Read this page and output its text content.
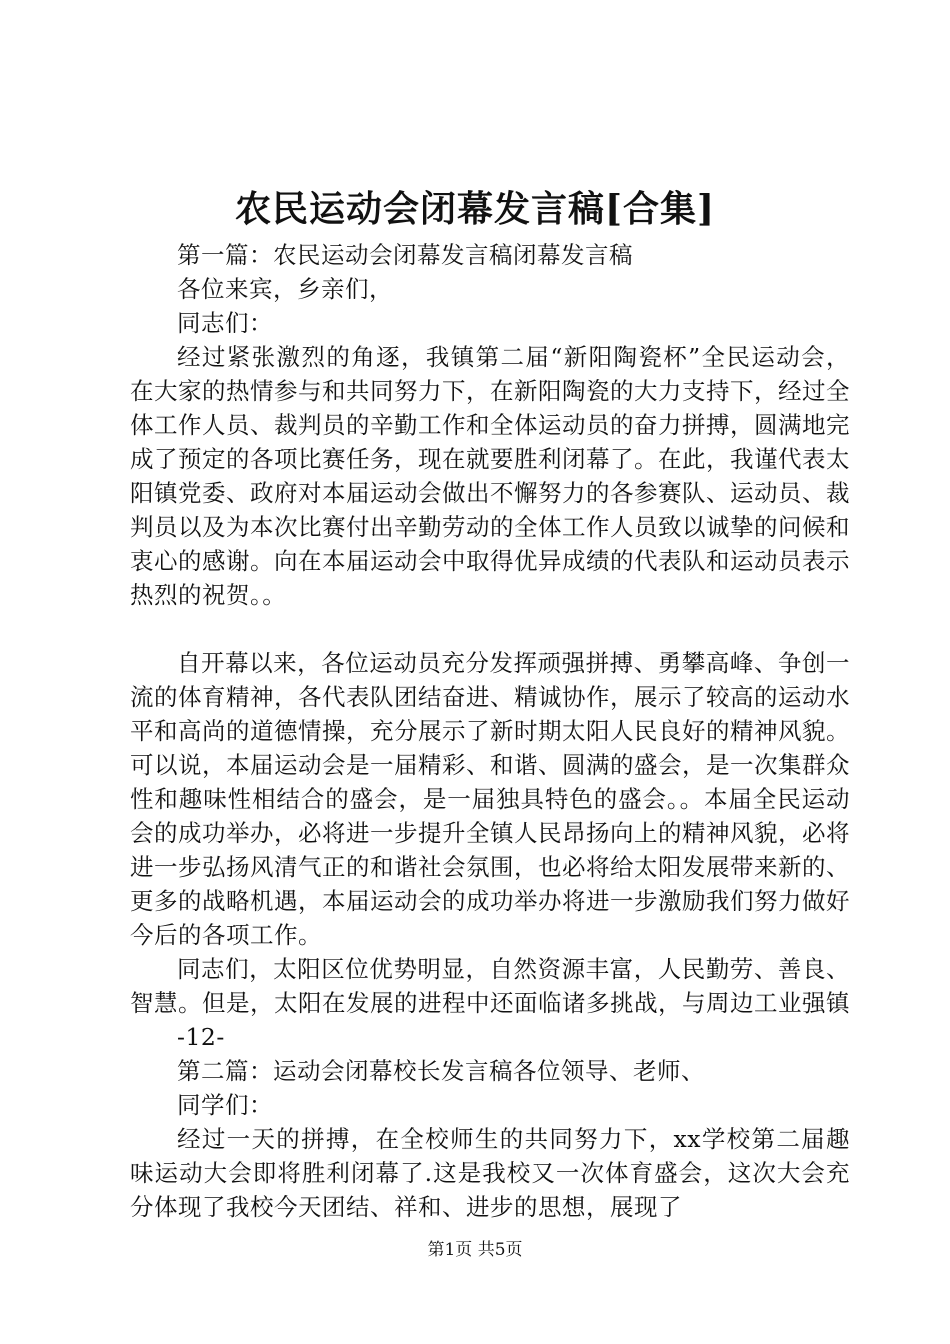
农民运动会闭幕发言稿[合集]

第一篇：农民运动会闭幕发言稿闭幕发言稿

各位来宾，乡亲们，

同志们：

经过紧张激烈的角逐，我镇第二届“新阳陶瓷杯”全民运动会，在大家的热情参与和共同努力下，在新阳陶瓷的大力支持下，经过全体工作人员、裁判员的辛勤工作和全体运动员的奋力拼搏，圆满地完成了预定的各项比赛任务，现在就要胜利闭幕了。在此，我谨代表太阳镇党委、政府对本届运动会做出不懈努力的各参赛队、运动员、裁判员以及为本次比赛付出辛勤劳动的全体工作人员致以诚挚的问候和衷心的感谢。向在本届运动会中取得优异成绩的代表队和运动员表示热烈的祝贺。。

自开幕以来，各位运动员充分发挥顽强拼搏、勇攀高峰、争创一流的体育精神，各代表队团结奋进、精诚协作，展示了较高的运动水平和高尚的道德情操，充分展示了新时期太阳人民良好的精神风貌。可以说，本届运动会是一届精彩、和谐、圆满的盛会，是一次集群众性和趣味性相结合的盛会，是一届独具特色的盛会。。本届全民运动会的成功举办，必将进一步提升全镇人民昂扬向上的精神风貌，必将进一步弘扬风清气正的和谐社会氛围，也必将给太阳发展带来新的、更多的战略机遇，本届运动会的成功举办将进一步激励我们努力做好今后的各项工作。

同志们，太阳区位优势明显，自然资源丰富，人民勤劳、善良、智慧。但是，太阳在发展的进程中还面临诸多挑战，与周边工业强镇

-12-

第二篇：运动会闭幕校长发言稿各位领导、老师、

同学们：

经过一天的拼搏，在全校师生的共同努力下，xx学校第二届趣味运动大会即将胜利闭幕了.这是我校又一次体育盛会，这次大会充分体现了我校今天团结、祥和、进步的思想，展现了

第1页 共5页
